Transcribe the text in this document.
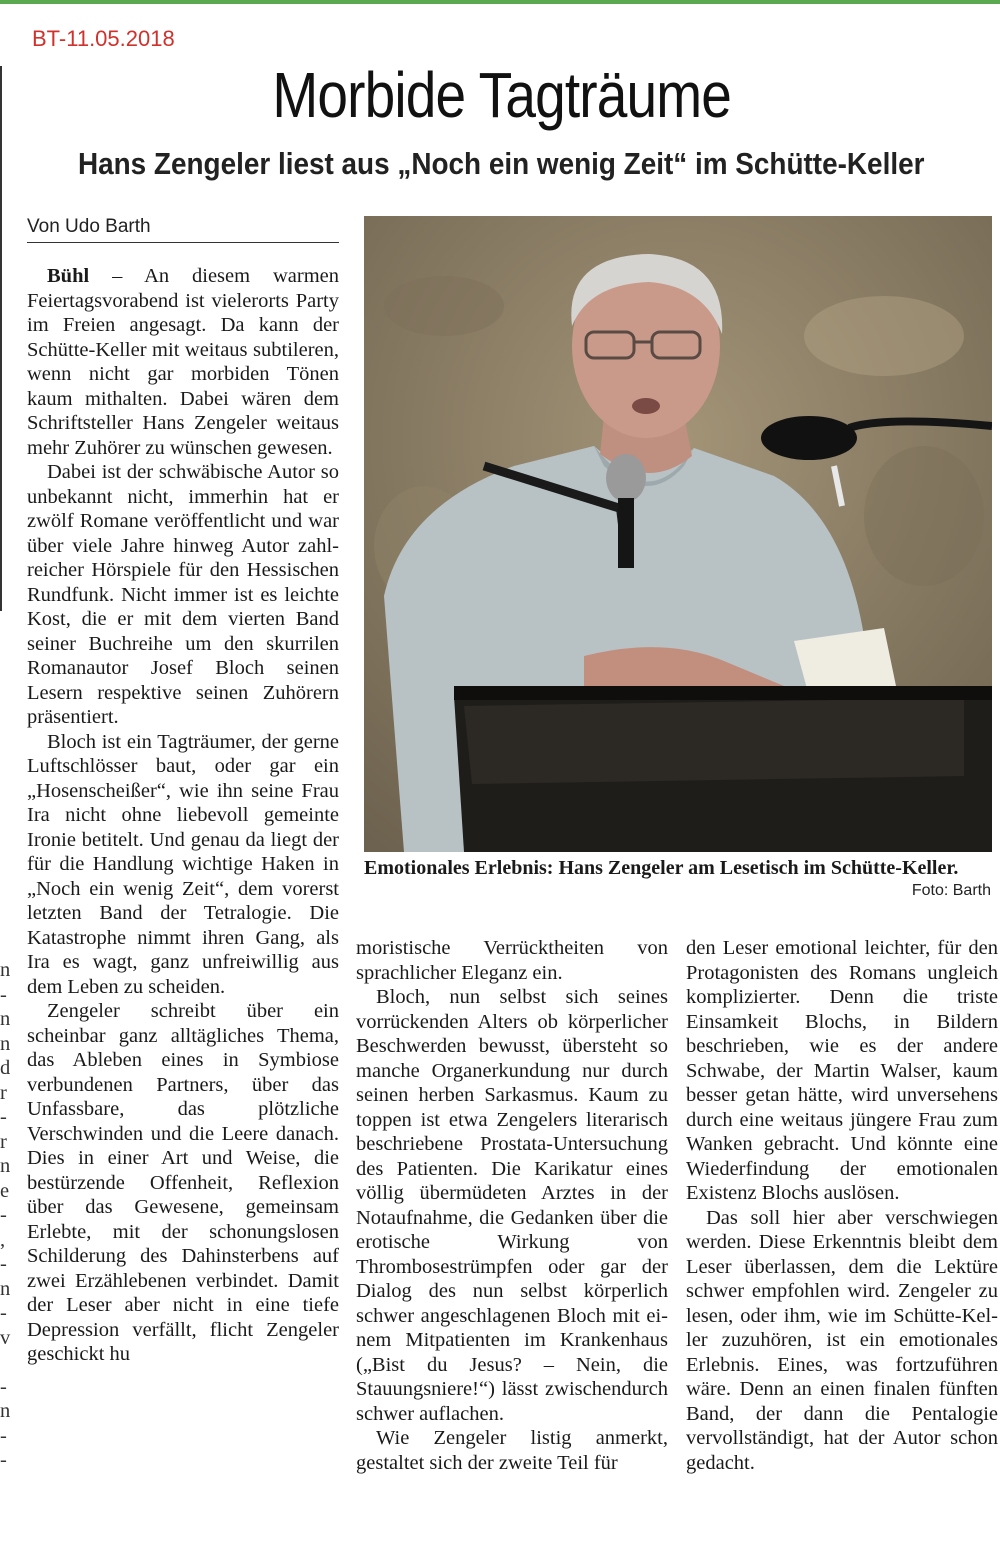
BT-11.05.2018
Morbide Tagträume
Hans Zengeler liest aus „Noch ein wenig Zeit“ im Schütte-Keller
Von Udo Barth
n
-
n
n
d
r
-
r
n
e
-
,
-
n
-
v

-
n
-
-

Bühl – An diesem warmen Feiertagsvorabend ist vielerorts Party im Freien angesagt. Da kann der Schütte-Keller mit weitaus subtileren, wenn nicht gar morbiden Tönen kaum mithalten. Dabei wären dem Schriftsteller Hans Zengeler weitaus mehr Zuhörer zu wünschen gewesen.

Dabei ist der schwäbische Autor so unbekannt nicht, immerhin hat er zwölf Romane veröffentlicht und war über viele Jahre hinweg Autor zahlreicher Hörspiele für den Hessischen Rundfunk. Nicht immer ist es leichte Kost, die er mit dem vierten Band seiner Buchreihe um den skurrilen Romanautor Josef Bloch seinen Lesern respektive seinen Zuhörern präsentiert.

Bloch ist ein Tagträumer, der gerne Luftschlösser baut, oder gar ein „Hosenscheißer“, wie ihn seine Frau Ira nicht ohne liebevoll gemeinte Ironie betitelt. Und genau da liegt der für die Handlung wichtige Haken in „Noch ein wenig Zeit“, dem vorerst letzten Band der Tetralogie. Die Katastrophe nimmt ihren Gang, als Ira es wagt, ganz unfreiwillig aus dem Leben zu scheiden.

Zengeler schreibt über ein scheinbar ganz alltägliches Thema, das Ableben eines in Symbiose verbundenen Partners, über das Unfassbare, das plötzliche Verschwinden und die Leere danach. Dies in einer Art und Weise, die bestürzende Offenheit, Reflexion über das Gewesene, gemeinsam Erlebte, mit der schonungslosen Schilderung des Dahinsterbens auf zwei Erzählebenen verbindet. Damit der Leser aber nicht in eine tiefe Depression verfällt, flicht Zengeler geschickt hu

Emotionales Erlebnis: Hans Zengeler am Lesetisch im Schütte-Keller.
Foto: Barth

moristische Verrücktheiten von sprachlicher Eleganz ein.

Bloch, nun selbst sich seines vorrückenden Alters ob körperlicher Beschwerden bewusst, übersteht so manche Organerkundung nur durch seinen herben Sarkasmus. Kaum zu toppen ist etwa Zengelers literarisch beschriebene Prostata-Untersuchung des Patienten. Die Karikatur eines völlig übermüdeten Arztes in der Notaufnahme, die Gedanken über die erotische Wirkung von Thrombosestrümpfen oder gar der Dialog des nun selbst körperlich schwer angeschlagenen Bloch mit einem Mitpatienten im Krankenhaus („Bist du Jesus? – Nein, die Stauungsniere!“) lässt zwischendurch schwer auflachen.

Wie Zengeler listig anmerkt, gestaltet sich der zweite Teil für

den Leser emotional leichter, für den Protagonisten des Romans ungleich komplizierter. Denn die triste Einsamkeit Blochs, in Bildern beschrieben, wie es der andere Schwabe, der Martin Walser, kaum besser getan hätte, wird unversehens durch eine weitaus jüngere Frau zum Wanken gebracht. Und könnte eine Wiederfindung der emotionalen Existenz Blochs auslösen.

Das soll hier aber verschwiegen werden. Diese Erkenntnis bleibt dem Leser überlassen, dem die Lektüre schwer empfohlen wird. Zengeler zu lesen, oder ihm, wie im Schütte-Keller zuzuhören, ist ein emotionales Erlebnis. Eines, was fortzuführen wäre. Denn an einen finalen fünften Band, der dann die Pentalogie vervollständigt, hat der Autor schon gedacht.
